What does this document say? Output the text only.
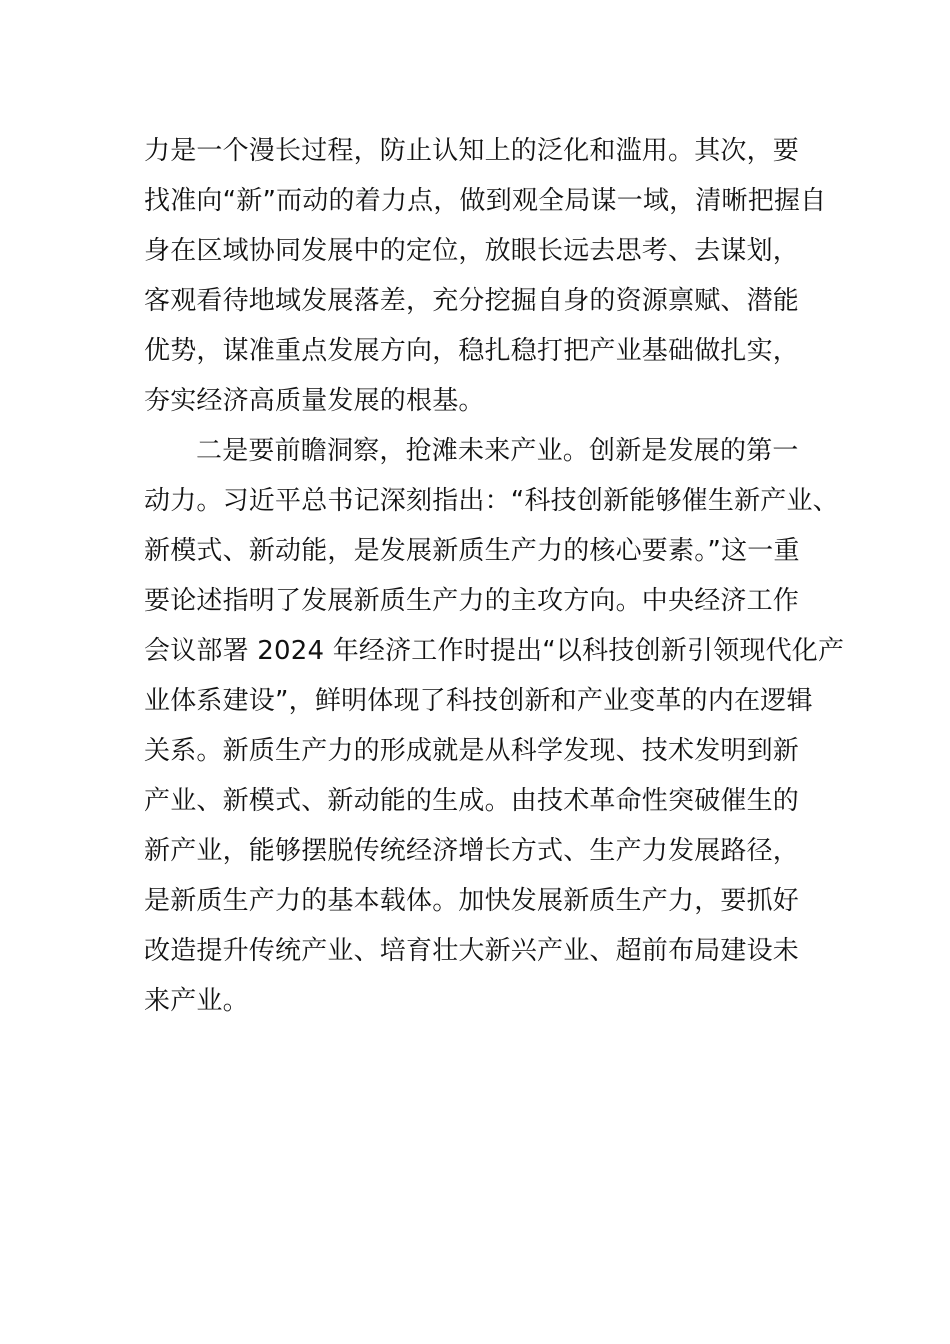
力是一个漫长过程，防止认知上的泛化和滥用。其次，要
找准向“新”而动的着力点，做到观全局谋一域，清晰把握自
身在区域协同发展中的定位，放眼长远去思考、去谋划，
客观看待地域发展落差，充分挖掘自身的资源禀赋、潜能
优势，谋准重点发展方向，稳扎稳打把产业基础做扎实，
夯实经济高质量发展的根基。
二是要前瞻洞察，抢滩未来产业。创新是发展的第一
动力。习近平总书记深刻指出：“科技创新能够催生新产业、
新模式、新动能，是发展新质生产力的核心要素。”这一重
要论述指明了发展新质生产力的主攻方向。中央经济工作
会议部署 2024 年经济工作时提出“以科技创新引领现代化产
业体系建设”，鲜明体现了科技创新和产业变革的内在逻辑
关系。新质生产力的形成就是从科学发现、技术发明到新
产业、新模式、新动能的生成。由技术革命性突破催生的
新产业，能够摆脱传统经济增长方式、生产力发展路径，
是新质生产力的基本载体。加快发展新质生产力，要抓好
改造提升传统产业、培育壮大新兴产业、超前布局建设未
来产业。
